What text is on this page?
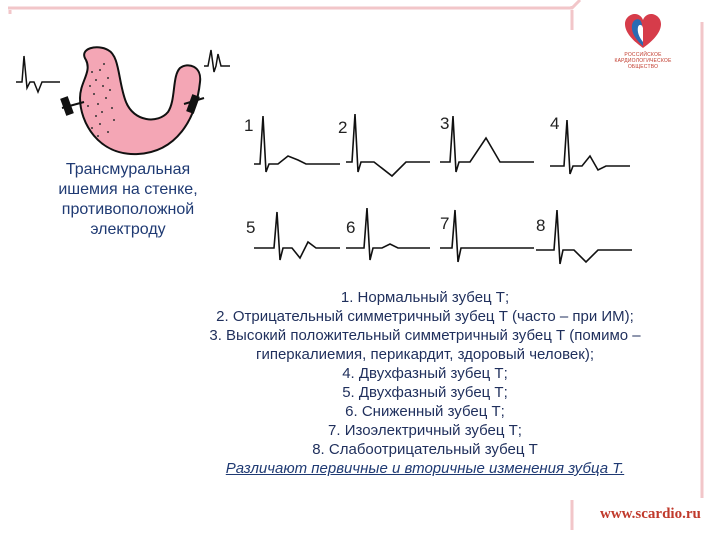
РОССИЙСКОЕ
КАРДИОЛОГИЧЕСКОЕ
ОБЩЕСТВО
Трансмуральная
ишемия на стенке,
противоположной
электроду
1	2	3	4
5	6	7	8
1. Нормальный зубец Т;
2. Отрицательный симметричный зубец Т (часто – при ИМ);
3. Высокий положительный симметричный зубец Т (помимо –
гиперкалиемия, перикардит, здоровый человек);
4. Двухфазный зубец Т;
5. Двухфазный зубец Т;
6. Сниженный зубец Т;
7. Изоэлектричный зубец Т;
8. Слабоотрицательный зубец Т
Различают первичные и вторичные изменения зубца Т.
www.scardio.ru
